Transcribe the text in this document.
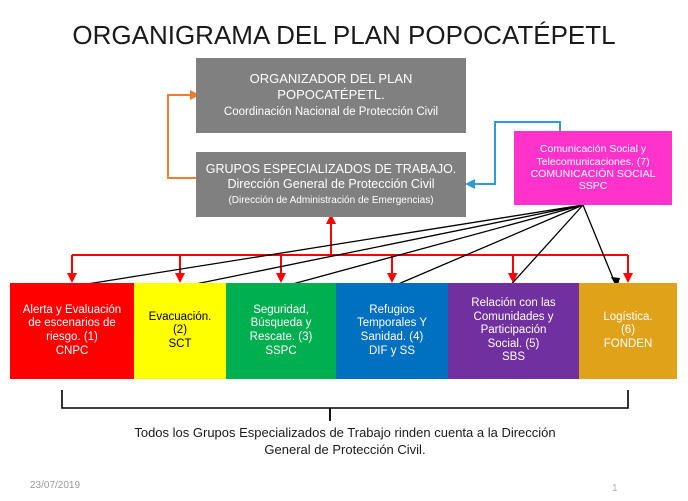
ORGANIGRAMA DEL PLAN POPOCATÉPETL
ORGANIZADOR DEL PLAN
POPOCATÉPETL.
Coordinación Nacional de Protección Civil
GRUPOS ESPECIALIZADOS DE TRABAJO.
Dirección General de Protección Civil
(Dirección de Administración de Emergencias)
Comunicación Social y
Telecomunicaciones. (7)
COMUNICACIÓN SOCIAL
SSPC
Alerta y Evaluación
de escenarios de
riesgo. (1)
CNPC
Evacuación.
(2)
SCT
Seguridad,
Búsqueda y
Rescate. (3)
SSPC
Refugios
Temporales Y
Sanidad. (4)
DIF y SS
Relación con las
Comunidades y
Participación
Social. (5)
SBS
Logística.
(6)
FONDEN
Todos los Grupos Especializados de Trabajo rinden cuenta a la Dirección
General de Protección Civil.
23/07/2019	1
